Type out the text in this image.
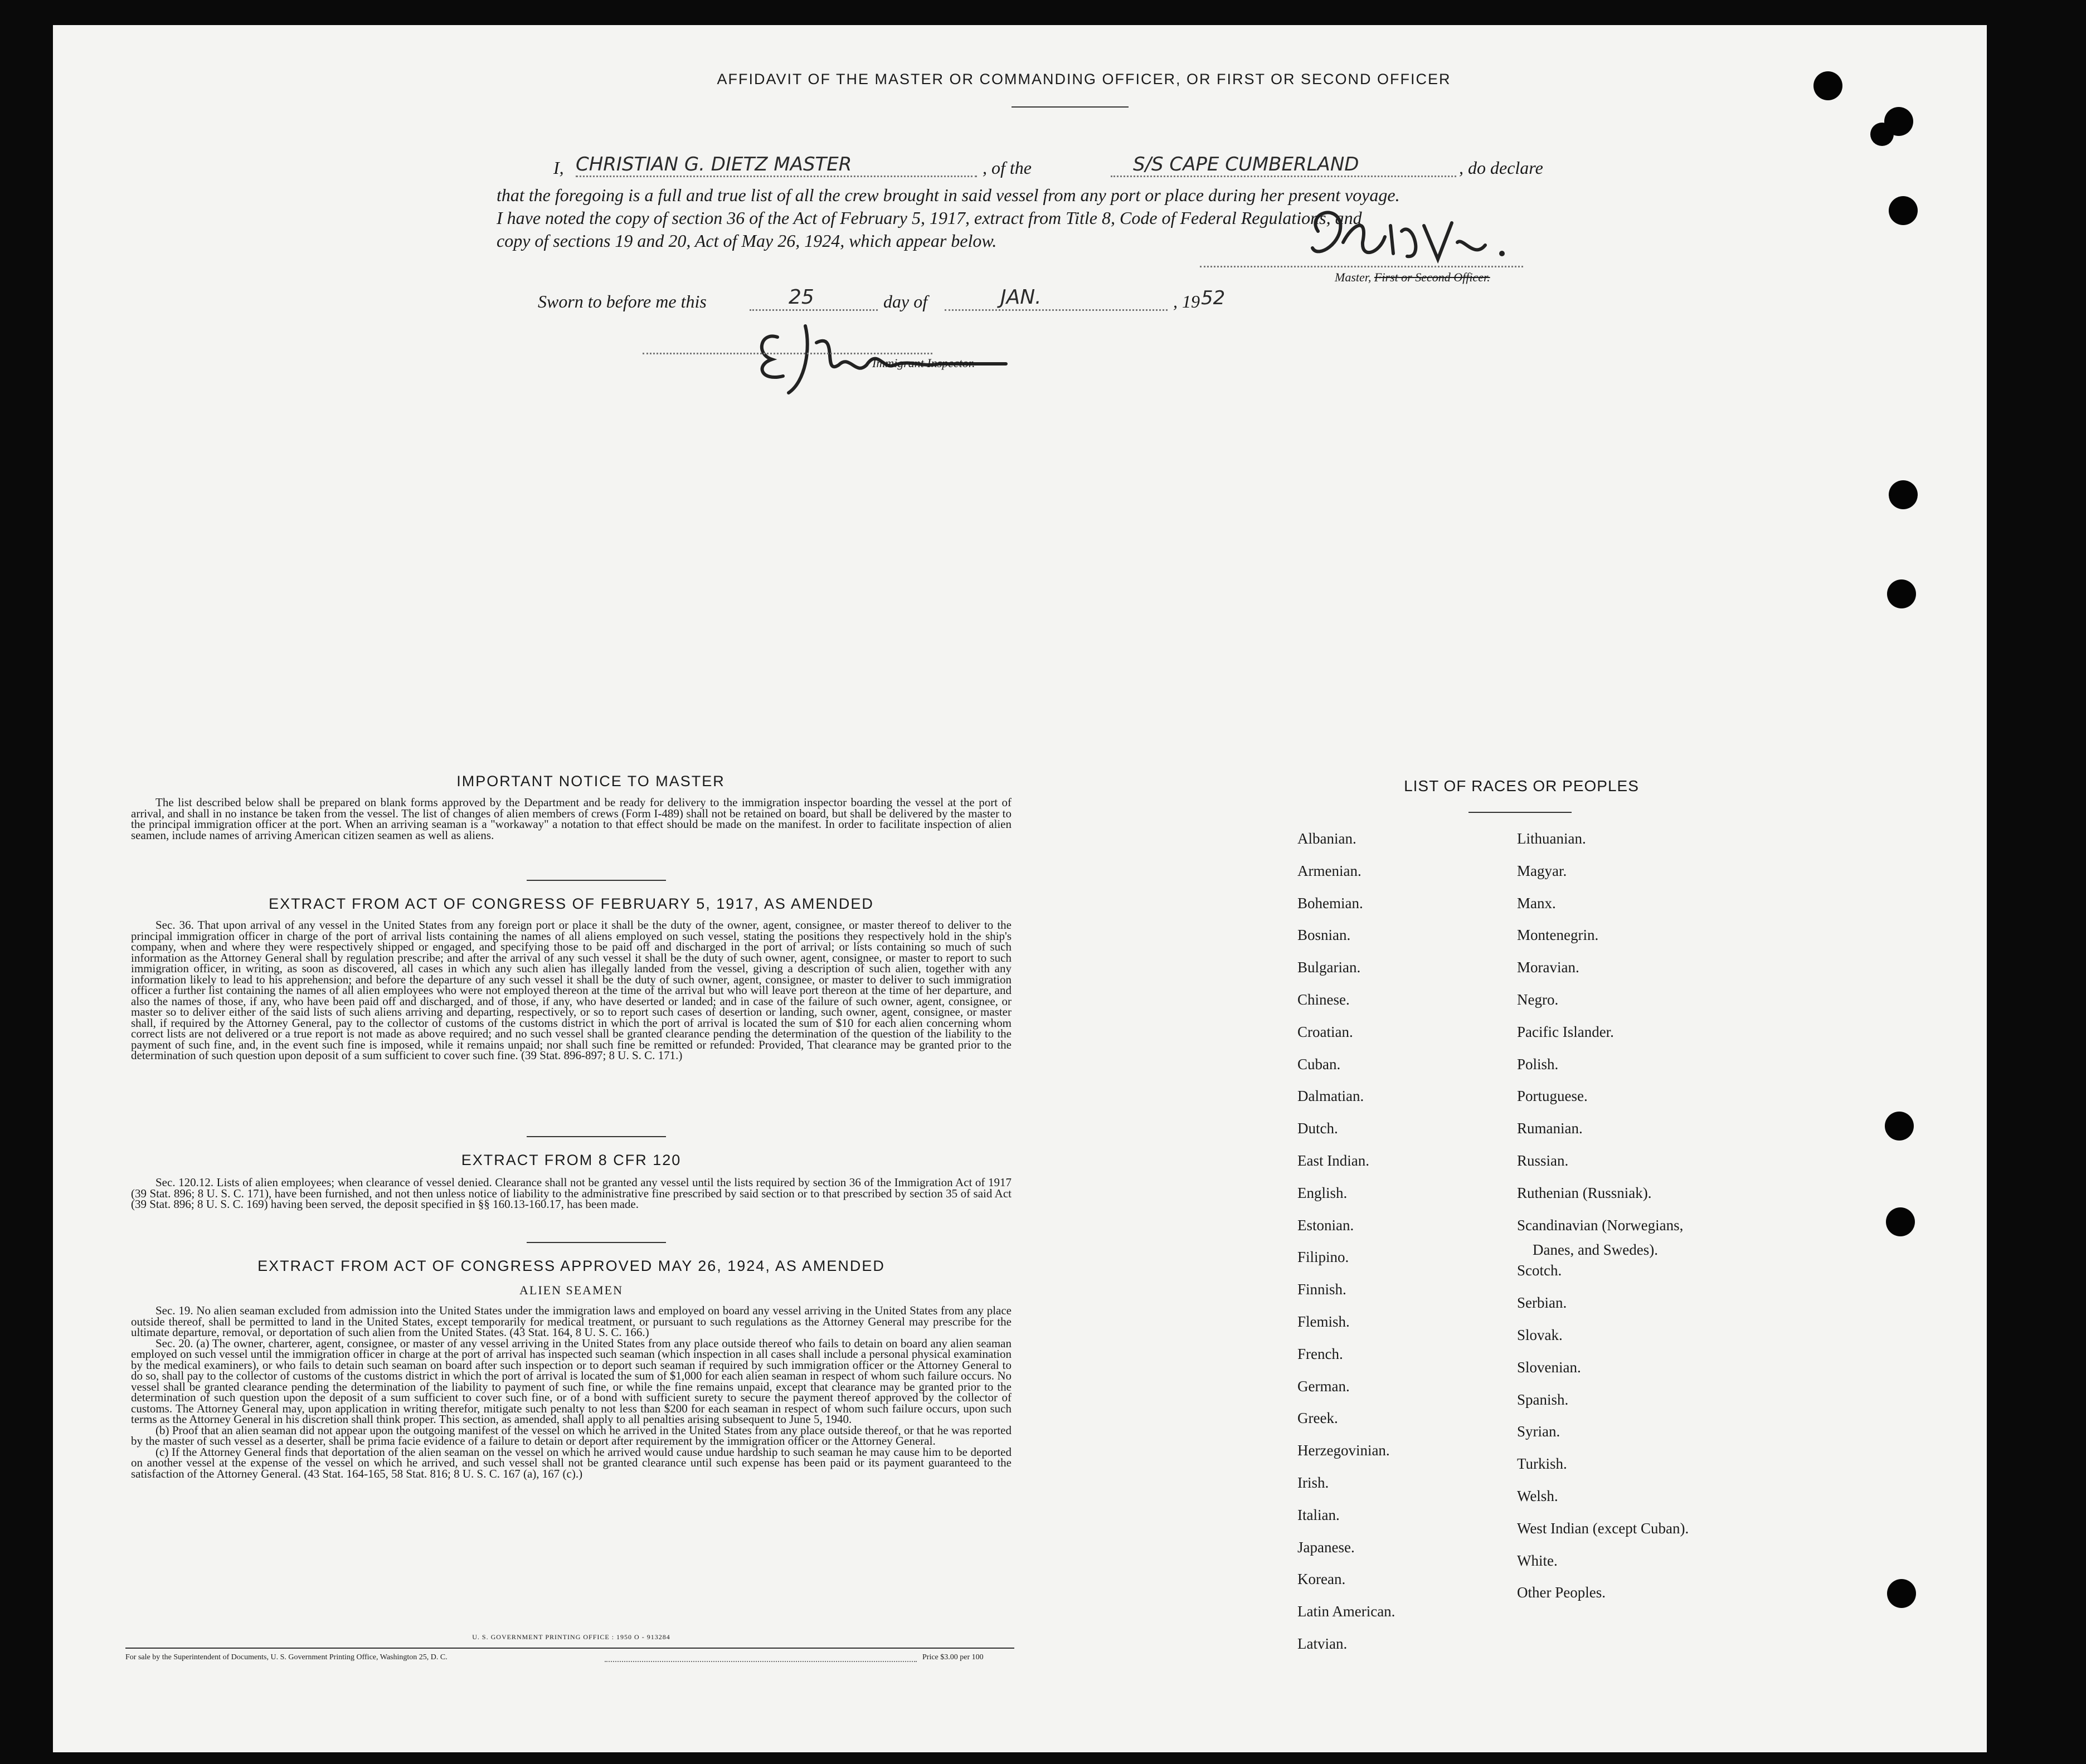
AFFIDAVIT OF THE MASTER OR COMMANDING OFFICER, OR FIRST OR SECOND OFFICER
I, CHRISTIAN G. DIETZ MASTER	, of the	S/S CAPE CUMBERLAND	, do declare
that the foregoing is a full and true list of all the crew brought in said vessel from any port or place during her present voyage.
I have noted the copy of section 36 of the Act of February 5, 1917, extract from Title 8, Code of Federal Regulations, and
copy of sections 19 and 20, Act of May 26, 1924, which appear below.
Master, First or Second Officer.
Sworn to before me this	25	day of	JAN.	, 19 52
Immigrant Inspector.
IMPORTANT NOTICE TO MASTER

The list described below shall be prepared on blank forms approved by the Department and be ready for delivery to the immigration inspector boarding the vessel at the port of arrival, and shall in no instance be taken from the vessel. The list of changes of alien members of crews (Form I-489) shall not be retained on board, but shall be delivered by the master to the principal immigration officer at the port. When an arriving seaman is a "workaway" a notation to that effect should be made on the manifest. In order to facilitate inspection of alien seamen, include names of arriving American citizen seamen as well as aliens.

EXTRACT FROM ACT OF CONGRESS OF FEBRUARY 5, 1917, AS AMENDED

Sec. 36. That upon arrival of any vessel in the United States from any foreign port or place it shall be the duty of the owner, agent, consignee, or master thereof to deliver to the principal immigration officer in charge of the port of arrival lists containing the names of all aliens employed on such vessel, stating the positions they respectively hold in the ship's company, when and where they were respectively shipped or engaged, and specifying those to be paid off and discharged in the port of arrival; or lists containing so much of such information as the Attorney General shall by regulation prescribe; and after the arrival of any such vessel it shall be the duty of such owner, agent, consignee, or master to report to such immigration officer, in writing, as soon as discovered, all cases in which any such alien has illegally landed from the vessel, giving a description of such alien, together with any information likely to lead to his apprehension; and before the departure of any such vessel it shall be the duty of such owner, agent, consignee, or master to deliver to such immigration officer a further list containing the names of all alien employees who were not employed thereon at the time of the arrival but who will leave port thereon at the time of her departure, and also the names of those, if any, who have been paid off and discharged, and of those, if any, who have deserted or landed; and in case of the failure of such owner, agent, consignee, or master so to deliver either of the said lists of such aliens arriving and departing, respectively, or so to report such cases of desertion or landing, such owner, agent, consignee, or master shall, if required by the Attorney General, pay to the collector of customs of the customs district in which the port of arrival is located the sum of $10 for each alien concerning whom correct lists are not delivered or a true report is not made as above required; and no such vessel shall be granted clearance pending the determination of the question of the liability to the payment of such fine, and, in the event such fine is imposed, while it remains unpaid; nor shall such fine be remitted or refunded: Provided, That clearance may be granted prior to the determination of such question upon deposit of a sum sufficient to cover such fine. (39 Stat. 896-897; 8 U. S. C. 171.)

EXTRACT FROM 8 CFR 120

Sec. 120.12. Lists of alien employees; when clearance of vessel denied. Clearance shall not be granted any vessel until the lists required by section 36 of the Immigration Act of 1917 (39 Stat. 896; 8 U. S. C. 171), have been furnished, and not then unless notice of liability to the administrative fine prescribed by said section or to that prescribed by section 35 of said Act (39 Stat. 896; 8 U. S. C. 169) having been served, the deposit specified in §§ 160.13-160.17, has been made.

EXTRACT FROM ACT OF CONGRESS APPROVED MAY 26, 1924, AS AMENDED
ALIEN SEAMEN

Sec. 19. No alien seaman excluded from admission into the United States under the immigration laws and employed on board any vessel arriving in the United States from any place outside thereof, shall be permitted to land in the United States, except temporarily for medical treatment, or pursuant to such regulations as the Attorney General may prescribe for the ultimate departure, removal, or deportation of such alien from the United States. (43 Stat. 164, 8 U. S. C. 166.)

Sec. 20. (a) The owner, charterer, agent, consignee, or master of any vessel arriving in the United States from any place outside thereof who fails to detain on board any alien seaman employed on such vessel until the immigration officer in charge at the port of arrival has inspected such seaman (which inspection in all cases shall include a personal physical examination by the medical examiners), or who fails to detain such seaman on board after such inspection or to deport such seaman if required by such immigration officer or the Attorney General to do so, shall pay to the collector of customs of the customs district in which the port of arrival is located the sum of $1,000 for each alien seaman in respect of whom such failure occurs. No vessel shall be granted clearance pending the determination of the liability to payment of such fine, or while the fine remains unpaid, except that clearance may be granted prior to the determination of such question upon the deposit of a sum sufficient to cover such fine, or of a bond with sufficient surety to secure the payment thereof approved by the collector of customs. The Attorney General may, upon application in writing therefor, mitigate such penalty to not less than $200 for each seaman in respect of whom such failure occurs, upon such terms as the Attorney General in his discretion shall think proper. This section, as amended, shall apply to all penalties arising subsequent to June 5, 1940.

(b) Proof that an alien seaman did not appear upon the outgoing manifest of the vessel on which he arrived in the United States from any place outside thereof, or that he was reported by the master of such vessel as a deserter, shall be prima facie evidence of a failure to detain or deport after requirement by the immigration officer or the Attorney General.

(c) If the Attorney General finds that deportation of the alien seaman on the vessel on which he arrived would cause undue hardship to such seaman he may cause him to be deported on another vessel at the expense of the vessel on which he arrived, and such vessel shall not be granted clearance until such expense has been paid or its payment guaranteed to the satisfaction of the Attorney General. (43 Stat. 164-165, 58 Stat. 816; 8 U. S. C. 167 (a), 167 (c).)

U. S. GOVERNMENT PRINTING OFFICE : 1950 O - 913284
For sale by the Superintendent of Documents, U. S. Government Printing Office, Washington 25, D. C.	Price $3.00 per 100
LIST OF RACES OR PEOPLES
Albanian.
Armenian.
Bohemian.
Bosnian.
Bulgarian.
Chinese.
Croatian.
Cuban.
Dalmatian.
Dutch.
East Indian.
English.
Estonian.
Filipino.
Finnish.
Flemish.
French.
German.
Greek.
Herzegovinian.
Irish.
Italian.
Japanese.
Korean.
Latin American.
Latvian.
Lithuanian.
Magyar.
Manx.
Montenegrin.
Moravian.
Negro.
Pacific Islander.
Polish.
Portuguese.
Rumanian.
Russian.
Ruthenian (Russniak).
Scandinavian (Norwegians,
Danes, and Swedes).
Scotch.
Serbian.
Slovak.
Slovenian.
Spanish.
Syrian.
Turkish.
Welsh.
West Indian (except Cuban).
White.
Other Peoples.
